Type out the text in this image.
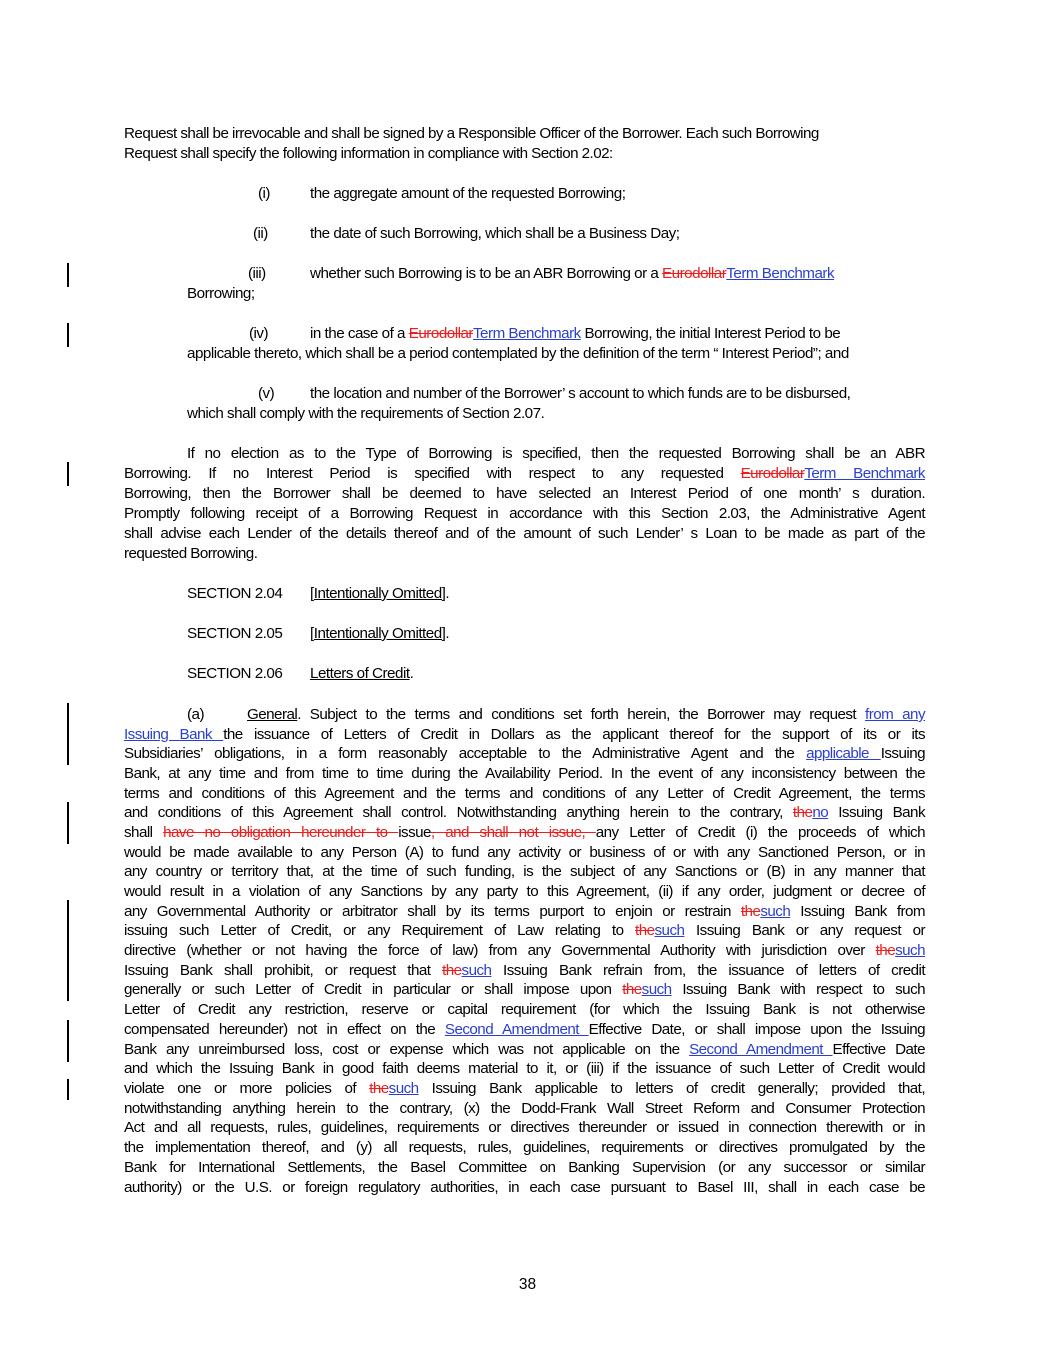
Request shall be irrevocable and shall be signed by a Responsible Officer of the Borrower. Each such Borrowing
Request shall specify the following information in compliance with Section 2.02:
(i)	the aggregate amount of the requested Borrowing;
(ii)	the date of such Borrowing, which shall be a Business Day;
(iii)	whether such Borrowing is to be an ABR Borrowing or a EurodollarTerm Benchmark
Borrowing;
(iv)	in the case of a EurodollarTerm Benchmark Borrowing, the initial Interest Period to be
applicable thereto, which shall be a period contemplated by the definition of the term “ Interest Period”; and
(v) the location and number of the Borrower’ s account to which funds are to be disbursed,
which shall comply with the requirements of Section 2.07.
If no election as to the Type of Borrowing is specified, then the requested Borrowing shall be an ABR
Borrowing. If no Interest Period is specified with respect to any requested EurodollarTerm Benchmark
Borrowing, then the Borrower shall be deemed to have selected an Interest Period of one month’ s duration.
Promptly following receipt of a Borrowing Request in accordance with this Section 2.03, the Administrative Agent
shall advise each Lender of the details thereof and of the amount of such Lender’ s Loan to be made as part of the
requested Borrowing.
SECTION 2.04 [Intentionally Omitted].
SECTION 2.05 [Intentionally Omitted].
SECTION 2.06 Letters of Credit.
(a)	General. Subject to the terms and conditions set forth herein, the Borrower may request from any
Issuing Bank the issuance of Letters of Credit in Dollars as the applicant thereof for the support of its or its
Subsidiaries’ obligations, in a form reasonably acceptable to the Administrative Agent and the applicable Issuing
Bank, at any time and from time to time during the Availability Period. In the event of any inconsistency between the
terms and conditions of this Agreement and the terms and conditions of any Letter of Credit Agreement, the terms
and conditions of this Agreement shall control. Notwithstanding anything herein to the contrary, theno Issuing Bank
shall have no obligation hereunder to issue, and shall not issue, any Letter of Credit (i) the proceeds of which
would be made available to any Person (A) to fund any activity or business of or with any Sanctioned Person, or in
any country or territory that, at the time of such funding, is the subject of any Sanctions or (B) in any manner that
would result in a violation of any Sanctions by any party to this Agreement, (ii) if any order, judgment or decree of
any Governmental Authority or arbitrator shall by its terms purport to enjoin or restrain thesuch Issuing Bank from
issuing such Letter of Credit, or any Requirement of Law relating to thesuch Issuing Bank or any request or
directive (whether or not having the force of law) from any Governmental Authority with jurisdiction over thesuch
Issuing Bank shall prohibit, or request that thesuch Issuing Bank refrain from, the issuance of letters of credit
generally or such Letter of Credit in particular or shall impose upon thesuch Issuing Bank with respect to such
Letter of Credit any restriction, reserve or capital requirement (for which the Issuing Bank is not otherwise
compensated hereunder) not in effect on the Second Amendment Effective Date, or shall impose upon the Issuing
Bank any unreimbursed loss, cost or expense which was not applicable on the Second Amendment Effective Date
and which the Issuing Bank in good faith deems material to it, or (iii) if the issuance of such Letter of Credit would
violate one or more policies of thesuch Issuing Bank applicable to letters of credit generally; provided that,
notwithstanding anything herein to the contrary, (x) the Dodd-Frank Wall Street Reform and Consumer Protection
Act and all requests, rules, guidelines, requirements or directives thereunder or issued in connection therewith or in
the implementation thereof, and (y) all requests, rules, guidelines, requirements or directives promulgated by the
Bank for International Settlements, the Basel Committee on Banking Supervision (or any successor or similar
authority) or the U.S. or foreign regulatory authorities, in each case pursuant to Basel III, shall in each case be
38
